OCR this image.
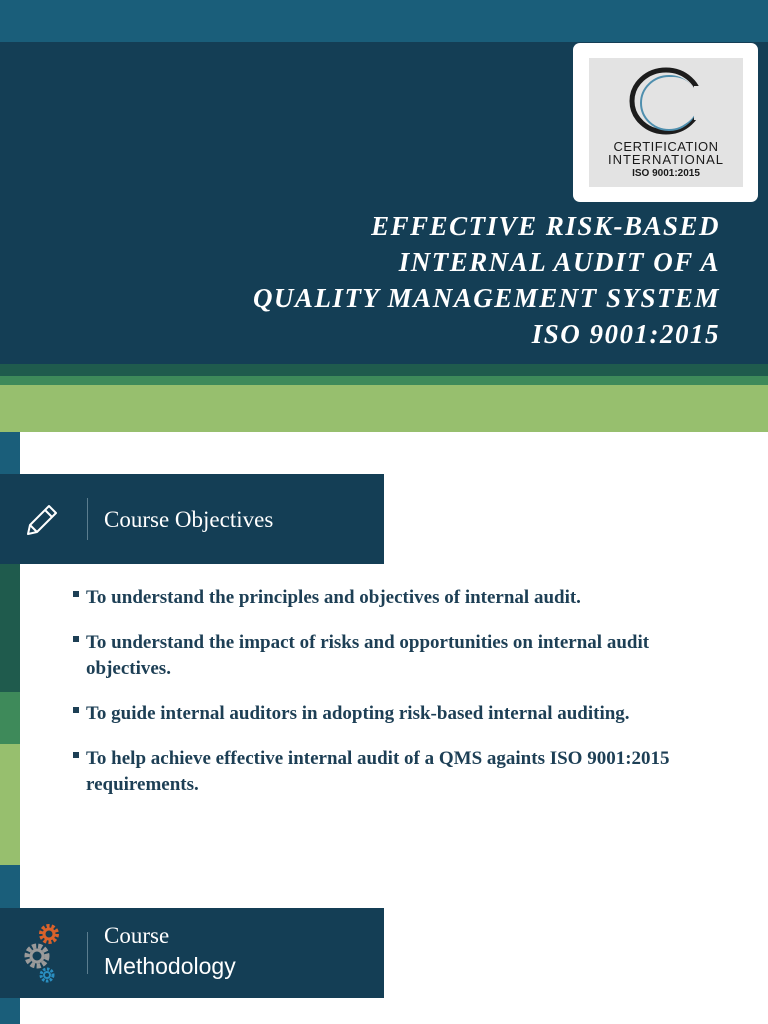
CERTIFICATION
INTERNATIONAL
ISO 9001:2015
EFFECTIVE RISK-BASED
INTERNAL AUDIT OF A
QUALITY MANAGEMENT SYSTEM
ISO 9001:2015
Course Objectives
To understand the principles and objectives of internal audit.
To understand the impact of risks and opportunities on internal audit objectives.
To guide internal auditors in adopting risk-based internal auditing.
To help achieve effective internal audit of a QMS againts ISO 9001:2015 requirements.
Course
Methodology
